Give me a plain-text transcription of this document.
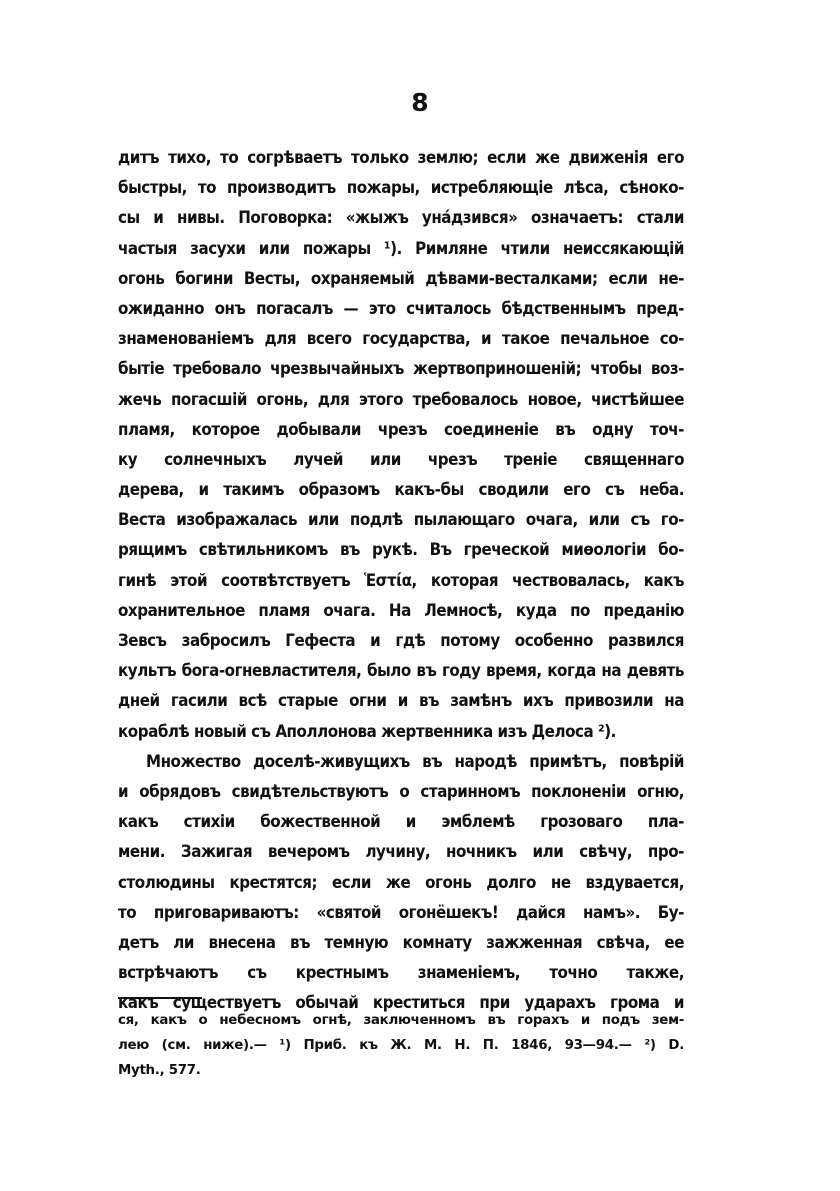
8
дитъ тихо, то согрѣваетъ только землю; если же движенія его
быстры, то производитъ пожары, истребляющіе лѣса, сѣноко-
сы и нивы. Поговорка: «жыжъ уна́дзився» означаетъ: стали
частыя засухи или пожары ¹). Римляне чтили неиссякающій
огонь богини Весты, охраняемый дѣвами-весталками; если не-
ожиданно онъ погасалъ — это считалось бѣдственнымъ пред-
знаменованіемъ для всего государства, и такое печальное со-
бытіе требовало чрезвычайныхъ жертвоприношеній; чтобы воз-
жечь погасшій огонь, для этого требовалось новое, чистѣйшее
пламя, которое добывали чрезъ соединеніе въ одну точ-
ку солнечныхъ лучей или чрезъ треніе священнаго
дерева, и такимъ образомъ какъ-бы сводили его съ неба.
Веста изображалась или подлѣ пылающаго очага, или съ го-
рящимъ свѣтильникомъ въ рукѣ. Въ греческой миѳологіи бо-
гинѣ этой соотвѣтствуетъ Ἑστία, которая чествовалась, какъ
охранительное пламя очага. На Лемносѣ, куда по преданію
Зевсъ забросилъ Гефеста и гдѣ потому особенно развился
культъ бога-огневластителя, было въ году время, когда на девять
дней гасили всѣ старые огни и въ замѣнъ ихъ привозили на
кораблѣ новый съ Аполлонова жертвенника изъ Делоса ²).
Множество доселѣ-живущихъ въ народѣ примѣтъ, повѣрій
и обрядовъ свидѣтельствуютъ о старинномъ поклоненіи огню,
какъ стихіи божественной и эмблемѣ грозоваго пла-
мени. Зажигая вечеромъ лучину, ночникъ или свѣчу, про-
столюдины крестятся; если же огонь долго не вздувается,
то приговариваютъ: «святой огонёшекъ! дайся намъ». Бу-
детъ ли внесена въ темную комнату зажженная свѣча, ее
встрѣчаютъ съ крестнымъ знаменіемъ, точно также,
какъ существуетъ обычай креститься при ударахъ грома и
ся, какъ о небесномъ огнѣ, заключенномъ въ горахъ и подъ зем-
лею (см. ниже).— ¹) Приб. къ Ж. М. Н. П. 1846, 93—94.— ²) D.
Myth., 577.
